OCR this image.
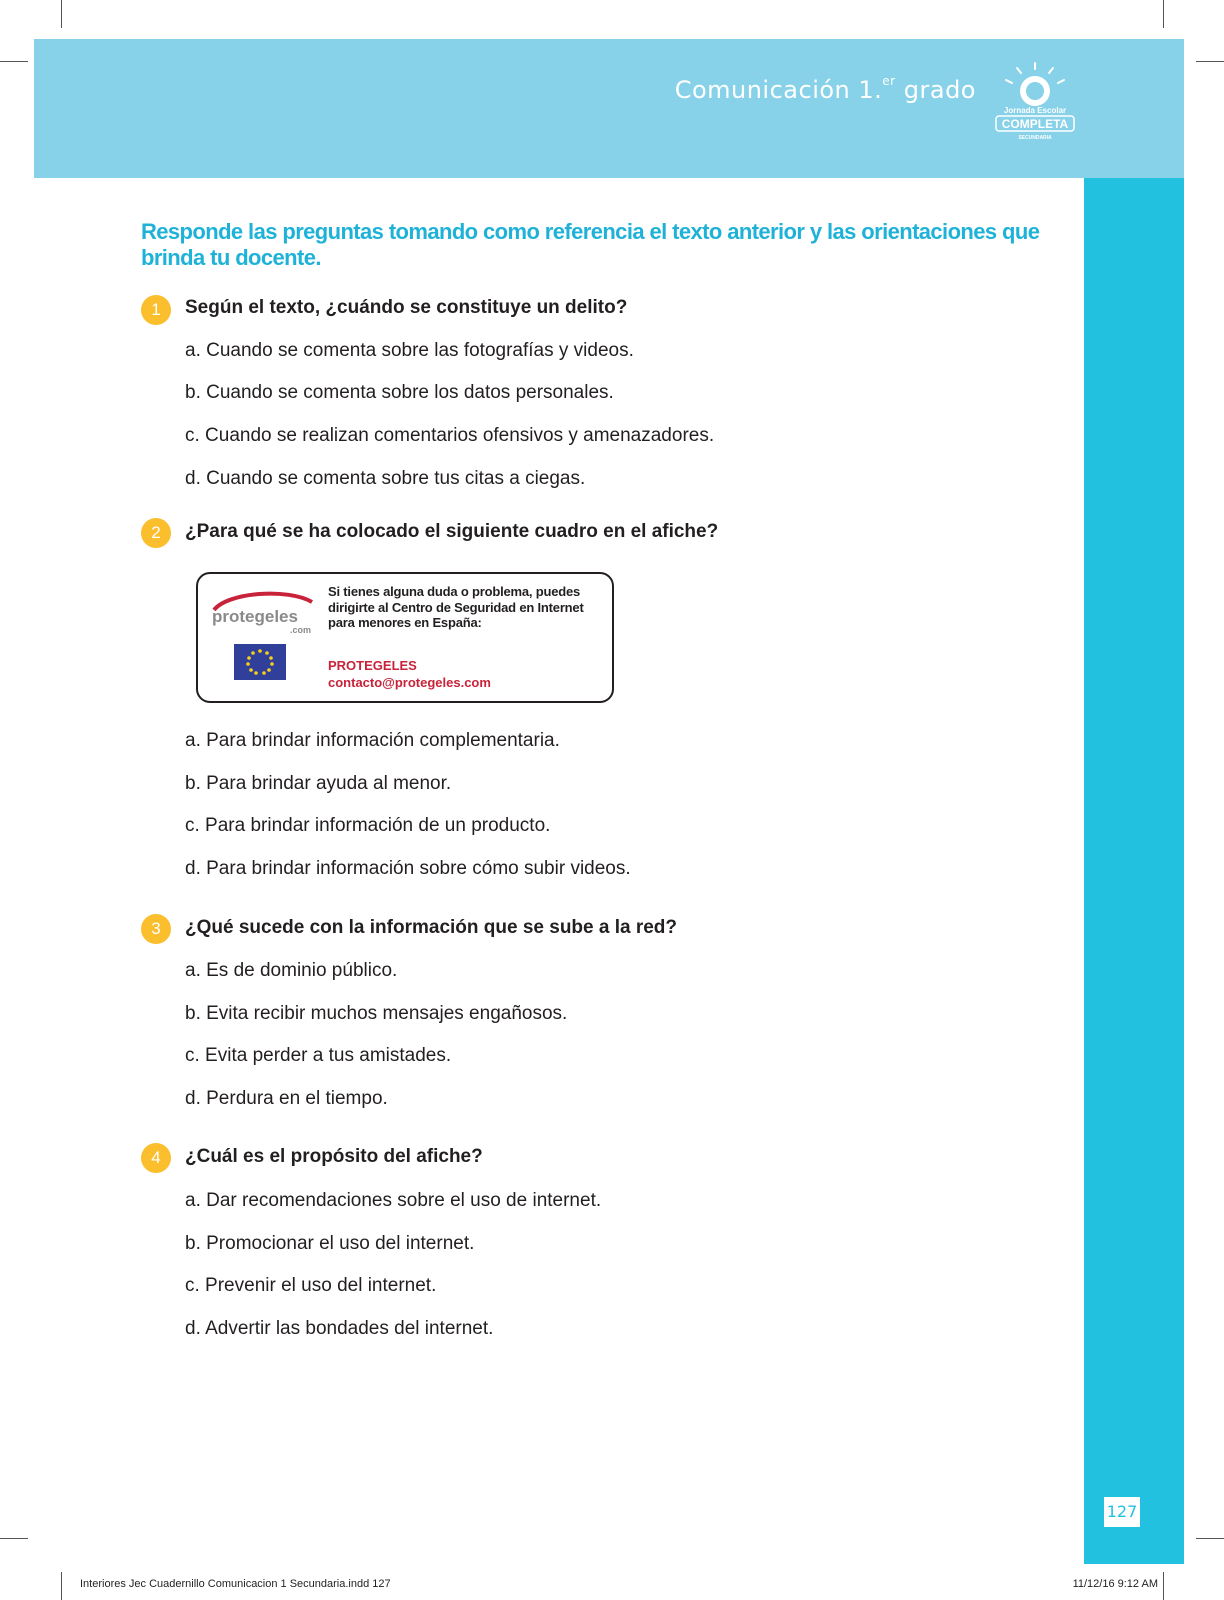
Comunicación 1.$^{er}$ grado
Jornada Escolar
COMPLETA
SECUNDARIA
127
Responde las preguntas tomando como referencia el texto anterior y las orientaciones que brinda tu docente.
1	Según el texto, ¿cuándo se constituye un delito?
a. Cuando se comenta sobre las fotografías y videos.
b. Cuando se comenta sobre los datos personales.
c. Cuando se realizan comentarios ofensivos y amenazadores.
d. Cuando se comenta sobre tus citas a ciegas.
2	¿Para qué se ha colocado el siguiente cuadro en el afiche?
protegeles
.com
Si tienes alguna duda o problema, puedes dirigirte al Centro de Seguridad en Internet para menores en España:
PROTEGELES
contacto@protegeles.com
a. Para brindar información complementaria.
b. Para brindar ayuda al menor.
c. Para brindar información de un producto.
d. Para brindar información sobre cómo subir videos.
3	¿Qué sucede con la información que se sube a la red?
a. Es de dominio público.
b. Evita recibir muchos mensajes engañosos.
c. Evita perder a tus amistades.
d. Perdura en el tiempo.
4	¿Cuál es el propósito del afiche?
a. Dar recomendaciones sobre el uso de internet.
b. Promocionar el uso del internet.
c. Prevenir el uso del internet.
d. Advertir las bondades del internet.
Interiores Jec Cuadernillo Comunicacion 1 Secundaria.indd 127	11/12/16 9:12 AM
